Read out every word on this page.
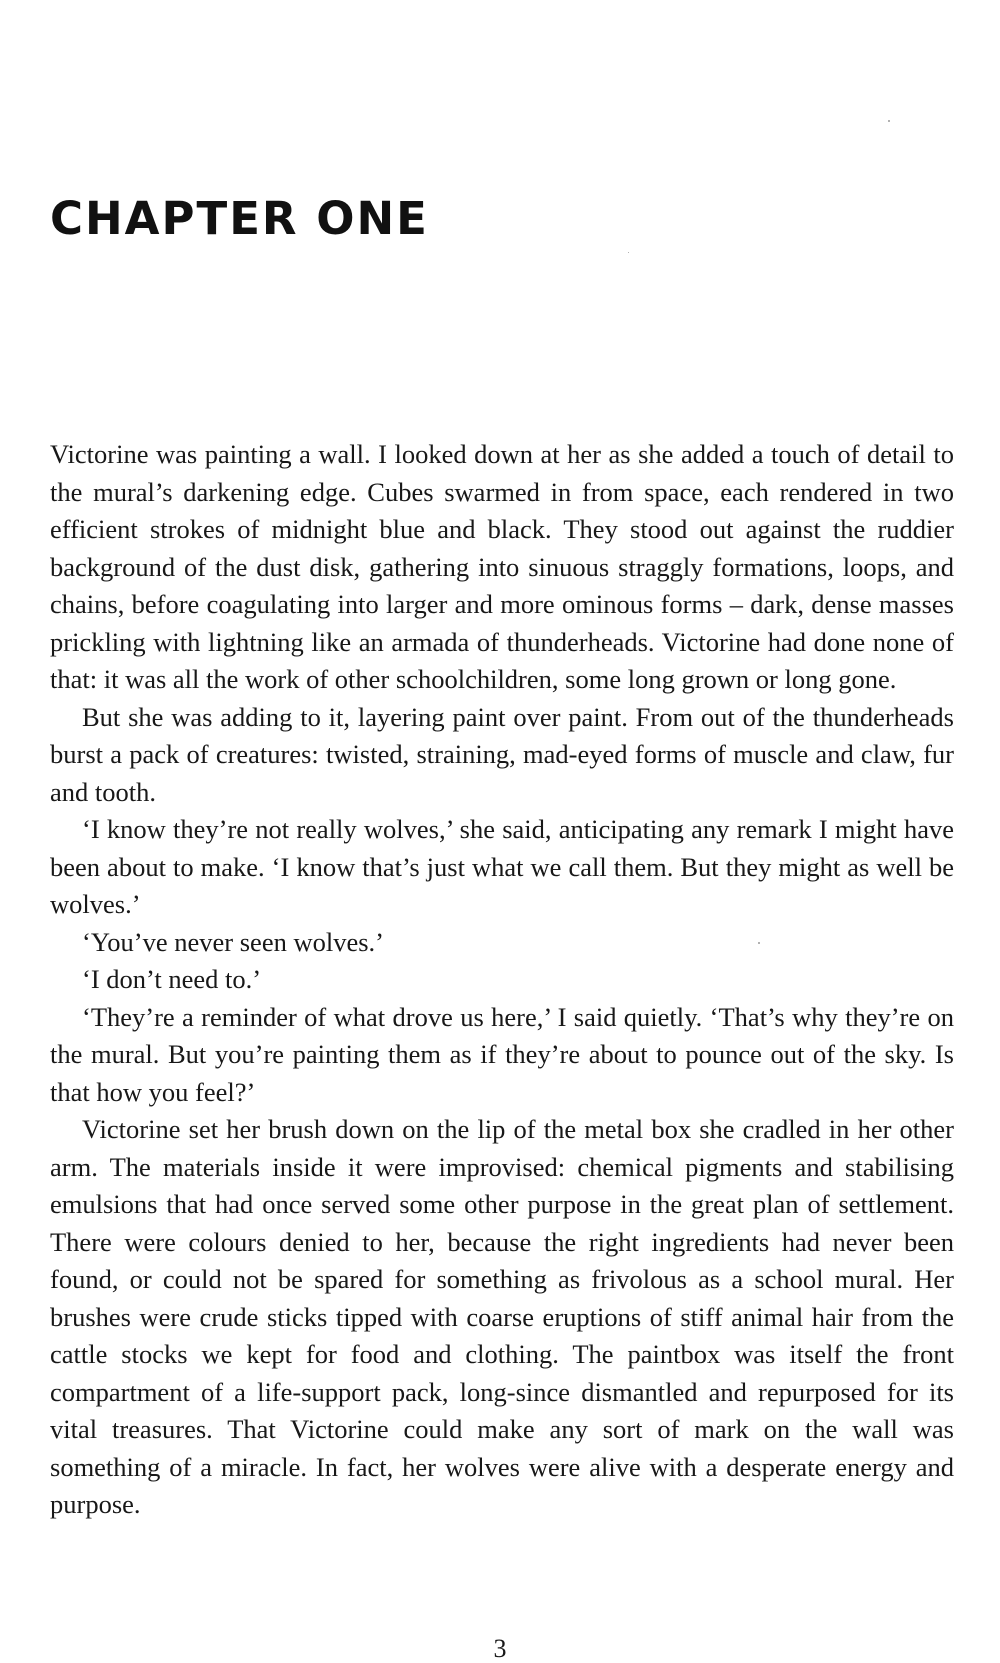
CHAPTER ONE

Victorine was painting a wall. I looked down at her as she added a touch of detail to the mural’s darkening edge. Cubes swarmed in from space, each rendered in two efficient strokes of midnight blue and black. They stood out against the ruddier background of the dust disk, gathering into sinuous straggly formations, loops, and chains, before coagulating into larger and more ominous forms – dark, dense masses prickling with lightning like an armada of thunderheads. Victorine had done none of that: it was all the work of other schoolchildren, some long grown or long gone.

But she was adding to it, layering paint over paint. From out of the thunderheads burst a pack of creatures: twisted, straining, mad-eyed forms of muscle and claw, fur and tooth.

‘I know they’re not really wolves,’ she said, anticipating any remark I might have been about to make. ‘I know that’s just what we call them. But they might as well be wolves.’

‘You’ve never seen wolves.’

‘I don’t need to.’

‘They’re a reminder of what drove us here,’ I said quietly. ‘That’s why they’re on the mural. But you’re painting them as if they’re about to pounce out of the sky. Is that how you feel?’

Victorine set her brush down on the lip of the metal box she cradled in her other arm. The materials inside it were improvised: chemical pigments and stabilising emulsions that had once served some other purpose in the great plan of settlement. There were colours denied to her, because the right ingredients had never been found, or could not be spared for something as frivolous as a school mural. Her brushes were crude sticks tipped with coarse eruptions of stiff animal hair from the cattle stocks we kept for food and clothing. The paintbox was itself the front compartment of a life-support pack, long-since dismantled and repurposed for its vital treasures. That Victorine could make any sort of mark on the wall was something of a miracle. In fact, her wolves were alive with a desperate energy and purpose.

3
